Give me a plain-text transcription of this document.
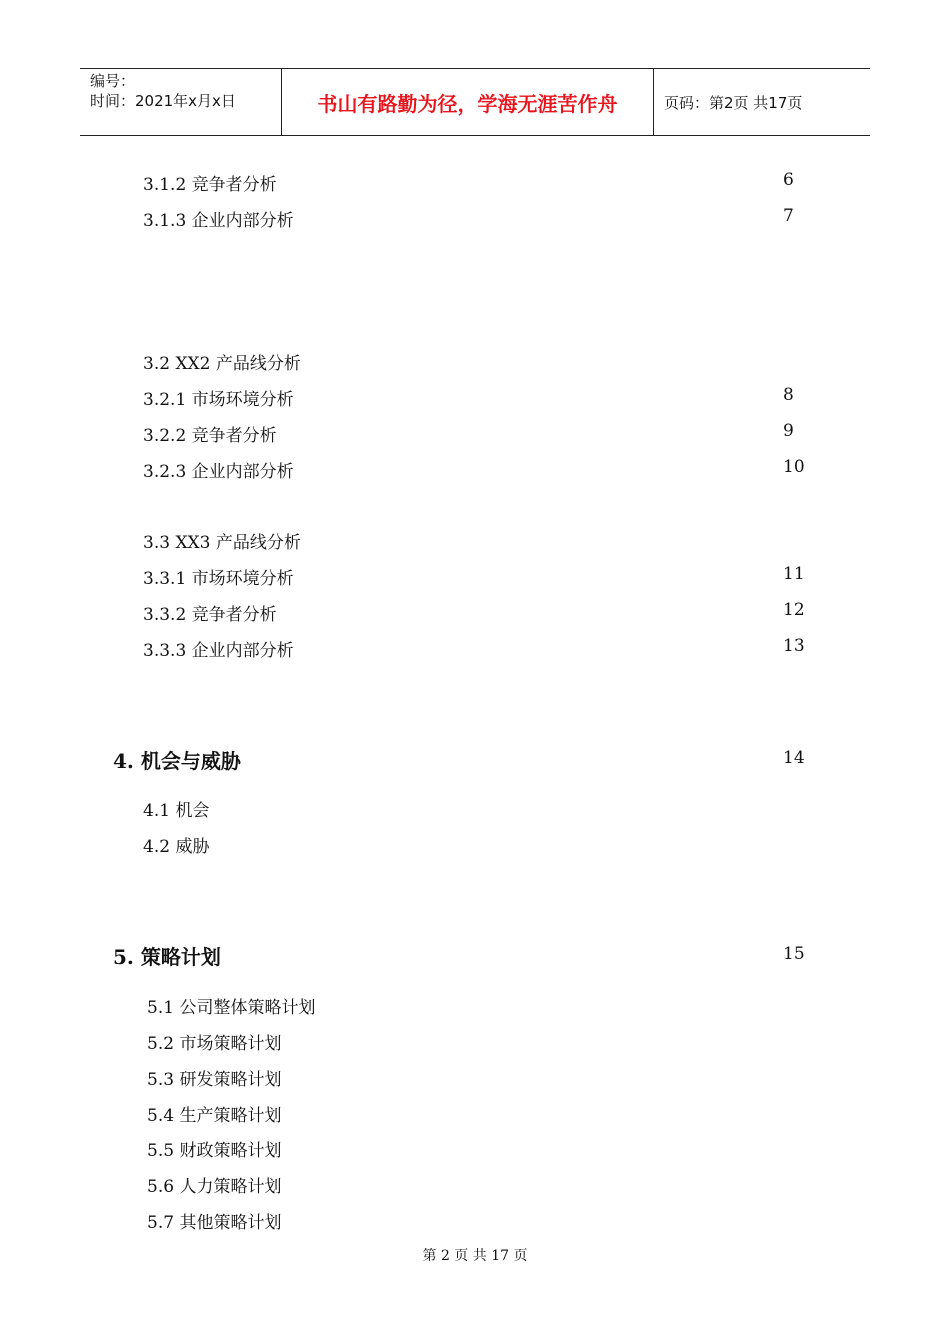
编号：
时间：2021年x月x日	书山有路勤为径，学海无涯苦作舟	页码：第2页 共17页
3.1.2 竞争者分析	6
3.1.3 企业内部分析	7
3.2 XX2 产品线分析
3.2.1 市场环境分析	8
3.2.2 竞争者分析	9
3.2.3 企业内部分析	10
3.3 XX3 产品线分析
3.3.1 市场环境分析	11
3.3.2 竞争者分析	12
3.3.3 企业内部分析	13
4. 机会与威胁	14
4.1 机会
4.2 威胁
5. 策略计划	15
5.1 公司整体策略计划
5.2 市场策略计划
5.3 研发策略计划
5.4 生产策略计划
5.5 财政策略计划
5.6 人力策略计划
5.7 其他策略计划
第 2 页 共 17 页
